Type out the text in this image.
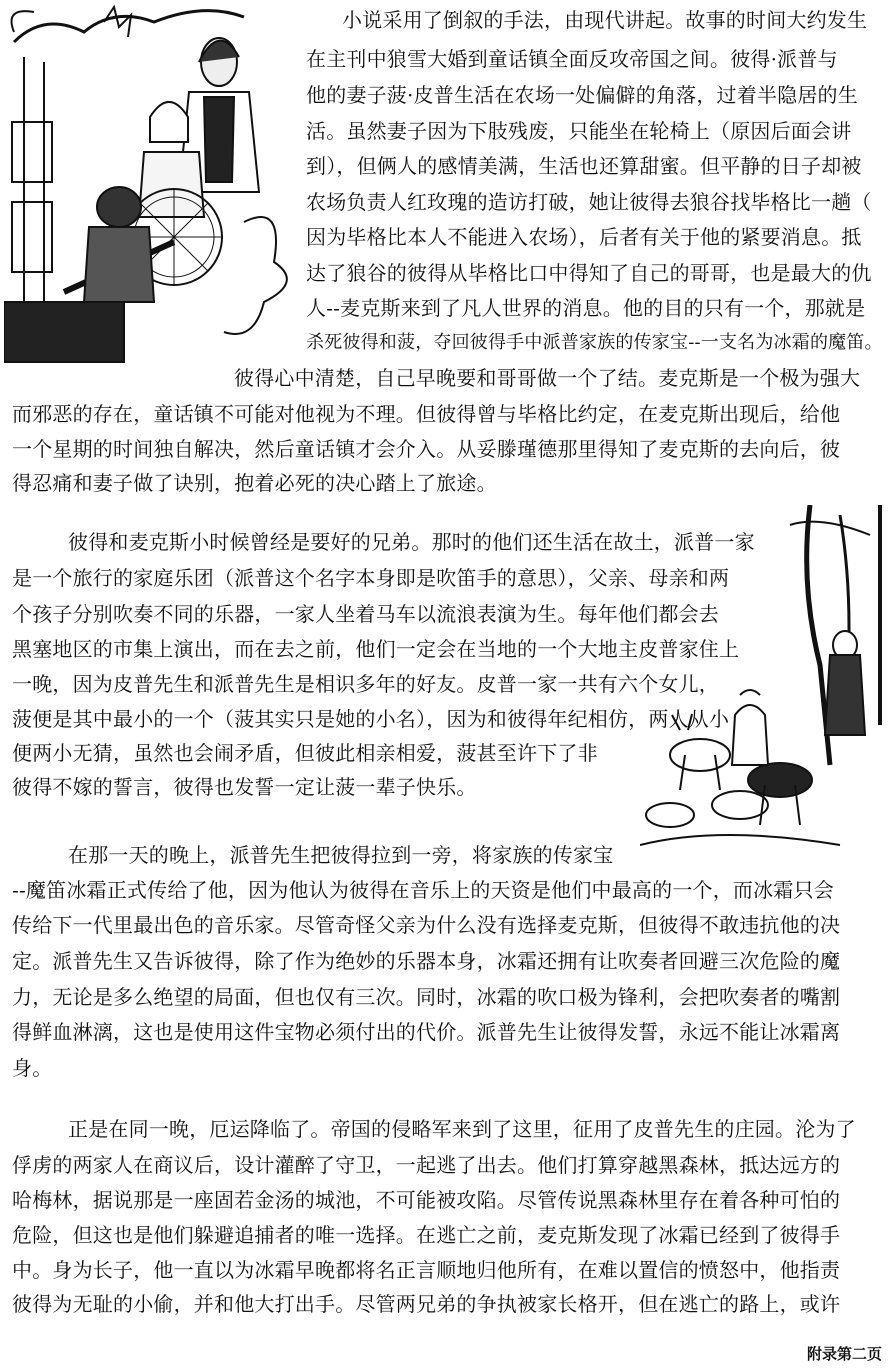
小说采用了倒叙的手法，由现代讲起。故事的时间大约发生
在主刊中狼雪大婚到童话镇全面反攻帝国之间。彼得·派普与
他的妻子菠·皮普生活在农场一处偏僻的角落，过着半隐居的生
活。虽然妻子因为下肢残废，只能坐在轮椅上（原因后面会讲
到），但俩人的感情美满，生活也还算甜蜜。但平静的日子却被
农场负责人红玫瑰的造访打破，她让彼得去狼谷找毕格比一趟（
因为毕格比本人不能进入农场），后者有关于他的紧要消息。抵
达了狼谷的彼得从毕格比口中得知了自己的哥哥，也是最大的仇
人--麦克斯来到了凡人世界的消息。他的目的只有一个，那就是
杀死彼得和菠，夺回彼得手中派普家族的传家宝--一支名为冰霜的魔笛。
彼得心中清楚，自己早晚要和哥哥做一个了结。麦克斯是一个极为强大
而邪恶的存在，童话镇不可能对他视为不理。但彼得曾与毕格比约定，在麦克斯出现后，给他
一个星期的时间独自解决，然后童话镇才会介入。从妥滕瑾德那里得知了麦克斯的去向后，彼
得忍痛和妻子做了诀别，抱着必死的决心踏上了旅途。
彼得和麦克斯小时候曾经是要好的兄弟。那时的他们还生活在故土，派普一家
是一个旅行的家庭乐团（派普这个名字本身即是吹笛手的意思），父亲、母亲和两
个孩子分别吹奏不同的乐器，一家人坐着马车以流浪表演为生。每年他们都会去
黑塞地区的市集上演出，而在去之前，他们一定会在当地的一个大地主皮普家住上
一晚，因为皮普先生和派普先生是相识多年的好友。皮普一家一共有六个女儿，
菠便是其中最小的一个（菠其实只是她的小名），因为和彼得年纪相仿，两人从小
便两小无猜，虽然也会闹矛盾，但彼此相亲相爱，菠甚至许下了非
彼得不嫁的誓言，彼得也发誓一定让菠一辈子快乐。
在那一天的晚上，派普先生把彼得拉到一旁，将家族的传家宝
--魔笛冰霜正式传给了他，因为他认为彼得在音乐上的天资是他们中最高的一个，而冰霜只会
传给下一代里最出色的音乐家。尽管奇怪父亲为什么没有选择麦克斯，但彼得不敢违抗他的决
定。派普先生又告诉彼得，除了作为绝妙的乐器本身，冰霜还拥有让吹奏者回避三次危险的魔
力，无论是多么绝望的局面，但也仅有三次。同时，冰霜的吹口极为锋利，会把吹奏者的嘴割
得鲜血淋漓，这也是使用这件宝物必须付出的代价。派普先生让彼得发誓，永远不能让冰霜离
身。
正是在同一晚，厄运降临了。帝国的侵略军来到了这里，征用了皮普先生的庄园。沦为了
俘虏的两家人在商议后，设计灌醉了守卫，一起逃了出去。他们打算穿越黑森林，抵达远方的
哈梅林，据说那是一座固若金汤的城池，不可能被攻陷。尽管传说黑森林里存在着各种可怕的
危险，但这也是他们躲避追捕者的唯一选择。在逃亡之前，麦克斯发现了冰霜已经到了彼得手
中。身为长子，他一直以为冰霜早晚都将名正言顺地归他所有，在难以置信的愤怒中，他指责
彼得为无耻的小偷，并和他大打出手。尽管两兄弟的争执被家长格开，但在逃亡的路上，或许
附录第二页
